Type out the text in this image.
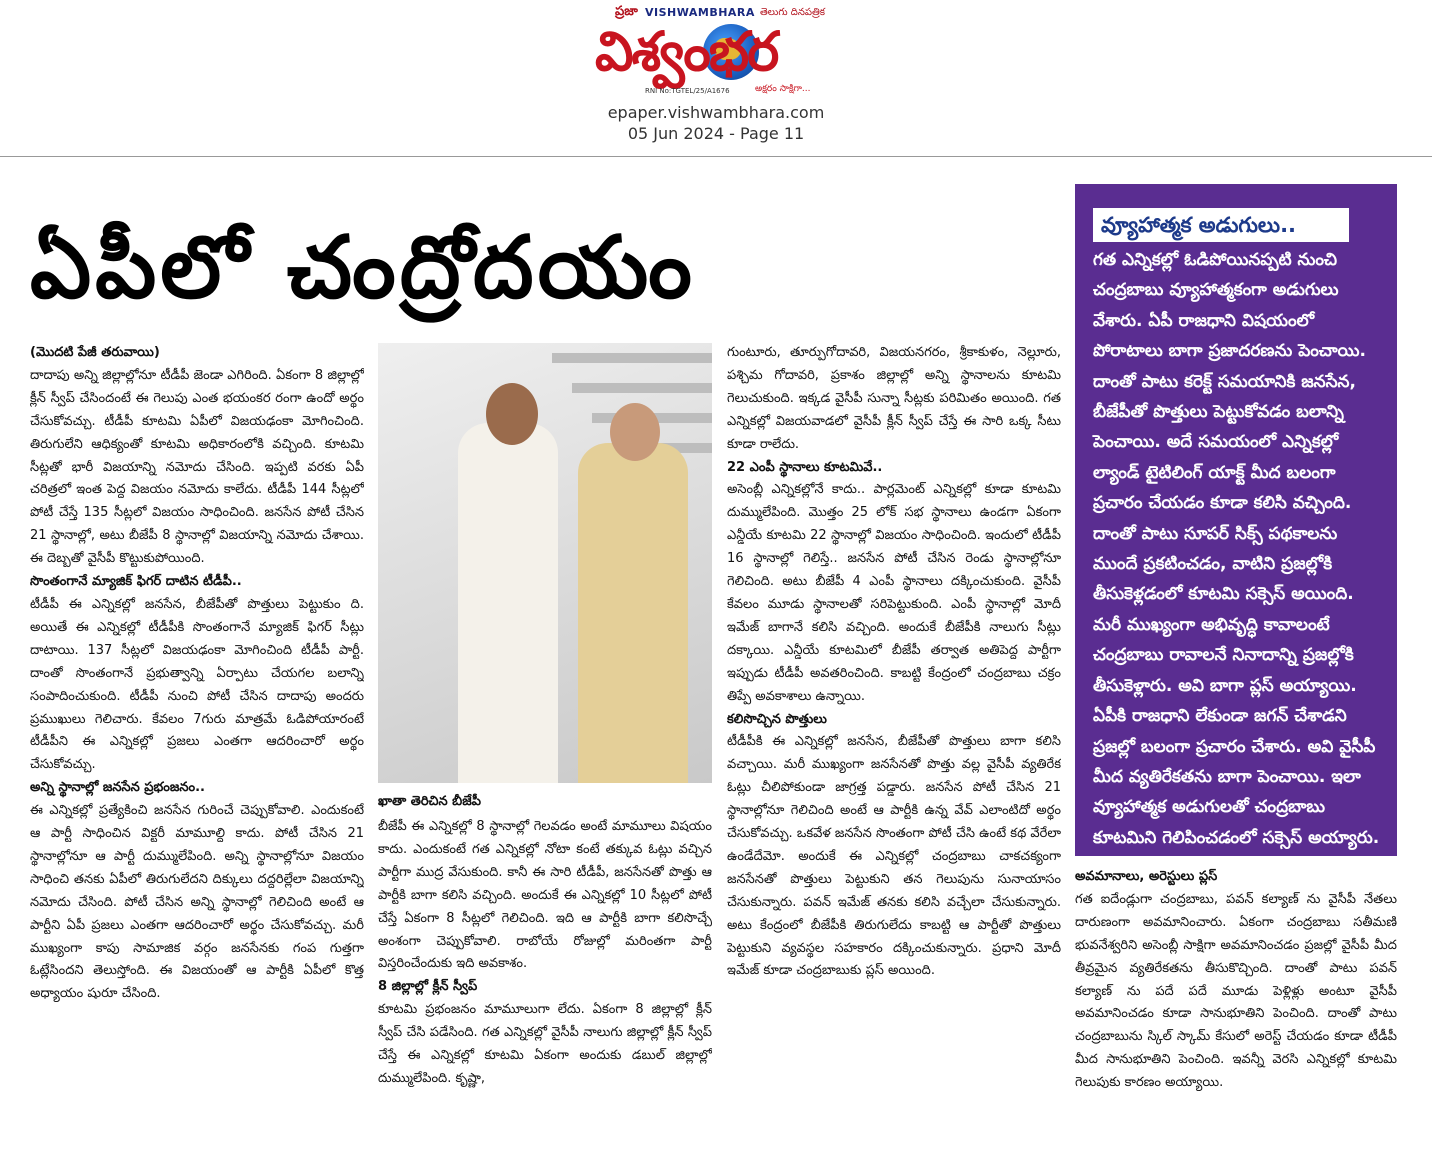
ప్రజా VISHWAMBHARA తెలుగు దినపత్రిక
విశ్వంభర
RNI No:TGTEL/25/A1676	అక్షరం సాక్షిగా...
epaper.vishwambhara.com
05 Jun 2024 - Page 11
ఏపీలో చంద్రోదయం

(మొదటి పేజీ తరువాయి)

దాదాపు అన్ని జిల్లాల్లోనూ టీడీపీ జెండా ఎగిరింది. ఏకంగా 8 జిల్లాల్లో క్లీన్ స్వీప్ చేసిందంటే ఈ గెలుపు ఎంత భయంకర రంగా ఉందో అర్థం చేసుకోవచ్చు. టీడీపీ కూటమి ఏపీలో విజయఢంకా మోగించింది. తిరుగులేని ఆధిక్యంతో కూటమి అధికారంలోకి వచ్చింది. కూటమి సీట్లతో భారీ విజయాన్ని నమోదు చేసింది. ఇప్పటి వరకు ఏపీ చరిత్రలో ఇంత పెద్ద విజయం నమోదు కాలేదు. టీడీపీ 144 సీట్లలో పోటీ చేస్తే 135 సీట్లలో విజయం సాధించింది. జనసేన పోటీ చేసిన 21 స్థానాల్లో, అటు బీజేపీ 8 స్థానాల్లో విజయాన్ని నమోదు చేశాయి. ఈ దెబ్బతో వైసీపీ కొట్టుకుపోయింది.

సొంతంగానే మ్యాజిక్ ఫిగర్ దాటిన టీడీపీ..

టీడీపీ ఈ ఎన్నికల్లో జనసేన, బీజేపీతో పొత్తులు పెట్టుకుం ది. అయితే ఈ ఎన్నికల్లో టీడీపీకి సొంతంగానే మ్యాజిక్ ఫిగర్ సీట్లు దాటాయి. 137 సీట్లలో విజయఢంకా మోగించింది టీడీపీ పార్టీ. దాంతో సొంతంగానే ప్రభుత్వాన్ని ఏర్పాటు చేయగల బలాన్ని సంపాదించుకుంది. టీడీపీ నుంచి పోటీ చేసిన దాదాపు అందరు ప్రముఖులు గెలిచారు. కేవలం 7గురు మాత్రమే ఓడిపోయారంటే టీడీపీని ఈ ఎన్నికల్లో ప్రజలు ఎంతగా ఆదరించారో అర్థం చేసుకోవచ్చు.

అన్ని స్థానాల్లో జనసేన ప్రభంజనం..

ఈ ఎన్నికల్లో ప్రత్యేకించి జనసేన గురించే చెప్పుకోవాలి. ఎందుకంటే ఆ పార్టీ సాధించిన విక్టరీ మామూల్ది కాదు. పోటీ చేసిన 21 స్థానాల్లోనూ ఆ పార్టీ దుమ్ములేపింది. అన్ని స్థానాల్లోనూ విజయం సాధించి తనకు ఏపీలో తిరుగులేదని దిక్కులు దద్దరిల్లేలా విజయాన్ని నమోదు చేసింది. పోటీ చేసిన అన్ని స్థానాల్లో గెలిచింది అంటే ఆ పార్టీని ఏపీ ప్రజలు ఎంతగా ఆదరించారో అర్థం చేసుకోవచ్చు. మరీ ముఖ్యంగా కాపు సామాజిక వర్గం జనసేనకు గంప గుత్తగా ఓట్లేసిందని తెలుస్తోంది. ఈ విజయంతో ఆ పార్టీకి ఏపీలో కొత్త అధ్యాయం షురూ చేసింది.

ఖాతా తెరిచిన బీజేపీ

బీజేపీ ఈ ఎన్నికల్లో 8 స్థానాల్లో గెలవడం అంటే మామూలు విషయం కాదు. ఎందుకంటే గత ఎన్నికల్లో నోటా కంటే తక్కువ ఓట్లు వచ్చిన పార్టీగా ముద్ర వేసుకుంది. కానీ ఈ సారి టీడీపీ, జనసేనతో పొత్తు ఆ పార్టీకి బాగా కలిసి వచ్చింది. అందుకే ఈ ఎన్నికల్లో 10 సీట్లలో పోటీ చేస్తే ఏకంగా 8 సీట్లలో గెలిచింది. ఇది ఆ పార్టీకి బాగా కలిసొచ్చే అంశంగా చెప్పుకోవాలి. రాబోయే రోజుల్లో మరింతగా పార్టీ విస్తరించేందుకు ఇది అవకాశం.

8 జిల్లాల్లో క్లీన్ స్వీప్

కూటమి ప్రభంజనం మామూలుగా లేదు. ఏకంగా 8 జిల్లాల్లో క్లీన్ స్వీప్ చేసి పడేసింది. గత ఎన్నికల్లో వైసీపీ నాలుగు జిల్లాల్లో క్లీన్ స్వీప్ చేస్తే ఈ ఎన్నికల్లో కూటమి ఏకంగా అందుకు డబుల్ జిల్లాల్లో దుమ్ములేపింది. కృష్ణా,

గుంటూరు, తూర్పుగోదావరి, విజయనగరం, శ్రీకాకుళం, నెల్లూరు, పశ్చిమ గోదావరి, ప్రకాశం జిల్లాల్లో అన్ని స్థానాలను కూటమి గెలుచుకుంది. ఇక్కడ వైసీపీ సున్నా సీట్లకు పరిమితం అయింది. గత ఎన్నికల్లో విజయవాడలో వైసీపీ క్లీన్ స్వీప్ చేస్తే ఈ సారి ఒక్క సీటు కూడా రాలేదు.

22 ఎంపీ స్థానాలు కూటమివే..

అసెంబ్లీ ఎన్నికల్లోనే కాదు.. పార్లమెంట్ ఎన్నికల్లో కూడా కూటమి దుమ్ములేపింది. మొత్తం 25 లోక్ సభ స్థానాలు ఉండగా ఏకంగా ఎన్డీయే కూటమి 22 స్థానాల్లో విజయం సాధించింది. ఇందులో టీడీపీ 16 స్థానాల్లో గెలిస్తే.. జనసేన పోటీ చేసిన రెండు స్థానాల్లోనూ గెలిచింది. అటు బీజేపీ 4 ఎంపీ స్థానాలు దక్కించుకుంది. వైసీపీ కేవలం మూడు స్థానాలతో సరిపెట్టుకుంది. ఎంపీ స్థానాల్లో మోదీ ఇమేజ్ బాగానే కలిసి వచ్చింది. అందుకే బీజేపీకి నాలుగు సీట్లు దక్కాయి. ఎన్డీయే కూటమిలో బీజేపీ తర్వాత అతిపెద్ద పార్టీగా ఇప్పుడు టీడీపీ అవతరించింది. కాబట్టి కేంద్రంలో చంద్రబాబు చక్రం తిప్పే అవకాశాలు ఉన్నాయి.

కలిసొచ్చిన పొత్తులు

టీడీపీకి ఈ ఎన్నికల్లో జనసేన, బీజేపీతో పొత్తులు బాగా కలిసి వచ్చాయి. మరీ ముఖ్యంగా జనసేనతో పొత్తు వల్ల వైసీపీ వ్యతిరేక ఓట్లు చీలిపోకుండా జాగ్రత్త పడ్డారు. జనసేన పోటీ చేసిన 21 స్థానాల్లోనూ గెలిచింది అంటే ఆ పార్టీకి ఉన్న వేవ్ ఎలాంటిదో అర్థం చేసుకోవచ్చు. ఒకవేళ జనసేన సొంతంగా పోటీ చేసి ఉంటే కథ వేరేలా ఉండేదేమో. అందుకే ఈ ఎన్నికల్లో చంద్రబాబు చాకచక్యంగా జనసేనతో పొత్తులు పెట్టుకుని తన గెలుపును సునాయాసం చేసుకున్నారు. పవన్ ఇమేజ్ తనకు కలిసి వచ్చేలా చేసుకున్నారు. అటు కేంద్రంలో బీజేపీకి తిరుగులేదు కాబట్టి ఆ పార్టీతో పొత్తులు పెట్టుకుని వ్యవస్థల సహకారం దక్కించుకున్నారు. ప్రధాని మోదీ ఇమేజ్ కూడా చంద్రబాబుకు ప్లస్ అయింది.

వ్యూహాత్మక అడుగులు..

గత ఎన్నికల్లో ఓడిపోయినప్పటి నుంచి చంద్రబాబు వ్యూహాత్మకంగా అడుగులు వేశారు. ఏపీ రాజధాని విషయంలో పోరాటాలు బాగా ప్రజాదరణను పెంచాయి. దాంతో పాటు కరెక్ట్ సమయానికి జనసేన, బీజేపీతో పొత్తులు పెట్టుకోవడం బలాన్ని పెంచాయి. అదే సమయంలో ఎన్నికల్లో ల్యాండ్ టైటిలింగ్ యాక్ట్ మీద బలంగా ప్రచారం చేయడం కూడా కలిసి వచ్చింది. దాంతో పాటు సూపర్ సిక్స్ పథకాలను ముందే ప్రకటించడం, వాటిని ప్రజల్లోకి తీసుకెళ్లడంలో కూటమి సక్సెస్ అయింది. మరీ ముఖ్యంగా అభివృద్ధి కావాలంటే చంద్రబాబు రావాలనే నినాదాన్ని ప్రజల్లోకి తీసుకెళ్లారు. అవి బాగా ప్లస్ అయ్యాయి. ఏపీకి రాజధాని లేకుండా జగన్ చేశాడని ప్రజల్లో బలంగా ప్రచారం చేశారు. అవి వైసీపీ మీద వ్యతిరేకతను బాగా పెంచాయి. ఇలా వ్యూహాత్మక అడుగులతో చంద్రబాబు కూటమిని గెలిపించడంలో సక్సెస్ అయ్యారు.

అవమానాలు, అరెస్టులు ప్లస్

గత ఐదేండ్లుగా చంద్రబాబు, పవన్ కల్యాణ్ ను వైసీపీ నేతలు దారుణంగా అవమానించారు. ఏకంగా చంద్రబాబు సతీమణి భువనేశ్వరిని అసెంబ్లీ సాక్షిగా అవమానించడం ప్రజల్లో వైసీపీ మీద తీవ్రమైన వ్యతిరేకతను తీసుకొచ్చింది. దాంతో పాటు పవన్ కల్యాణ్ ను పదే పదే మూడు పెళ్లిళ్లు అంటూ వైసీపీ అవమానించడం కూడా సానుభూతిని పెంచింది. దాంతో పాటు చంద్రబాబును స్కిల్ స్కామ్ కేసులో అరెస్ట్ చేయడం కూడా టీడీపీ మీద సానుభూతిని పెంచింది. ఇవన్నీ వెరసి ఎన్నికల్లో కూటమి గెలుపుకు కారణం అయ్యాయి.
